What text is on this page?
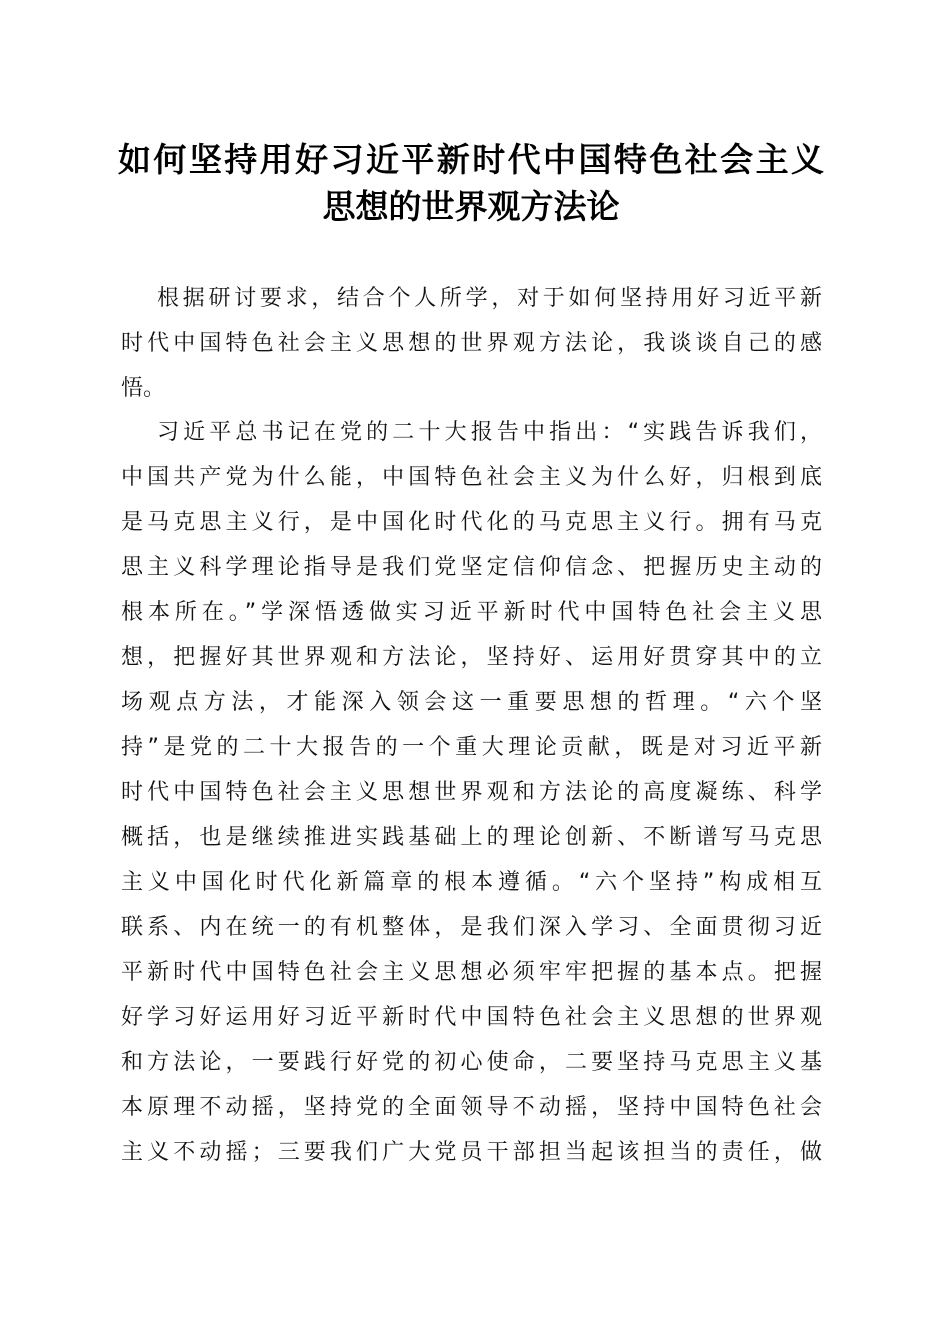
如何坚持用好习近平新时代中国特色社会主义
思想的世界观方法论
根据研讨要求，结合个人所学，对于如何坚持用好习近平新
时代中国特色社会主义思想的世界观方法论，我谈谈自己的感
悟。
习近平总书记在党的二十大报告中指出：“实践告诉我们，
中国共产党为什么能，中国特色社会主义为什么好，归根到底
是马克思主义行，是中国化时代化的马克思主义行。拥有马克
思主义科学理论指导是我们党坚定信仰信念、把握历史主动的
根本所在。”学深悟透做实习近平新时代中国特色社会主义思
想，把握好其世界观和方法论，坚持好、运用好贯穿其中的立
场观点方法，才能深入领会这一重要思想的哲理。“六个坚
持”是党的二十大报告的一个重大理论贡献，既是对习近平新
时代中国特色社会主义思想世界观和方法论的高度凝练、科学
概括，也是继续推进实践基础上的理论创新、不断谱写马克思
主义中国化时代化新篇章的根本遵循。“六个坚持”构成相互
联系、内在统一的有机整体，是我们深入学习、全面贯彻习近
平新时代中国特色社会主义思想必须牢牢把握的基本点。把握
好学习好运用好习近平新时代中国特色社会主义思想的世界观
和方法论，一要践行好党的初心使命，二要坚持马克思主义基
本原理不动摇，坚持党的全面领导不动摇，坚持中国特色社会
主义不动摇；三要我们广大党员干部担当起该担当的责任，做
